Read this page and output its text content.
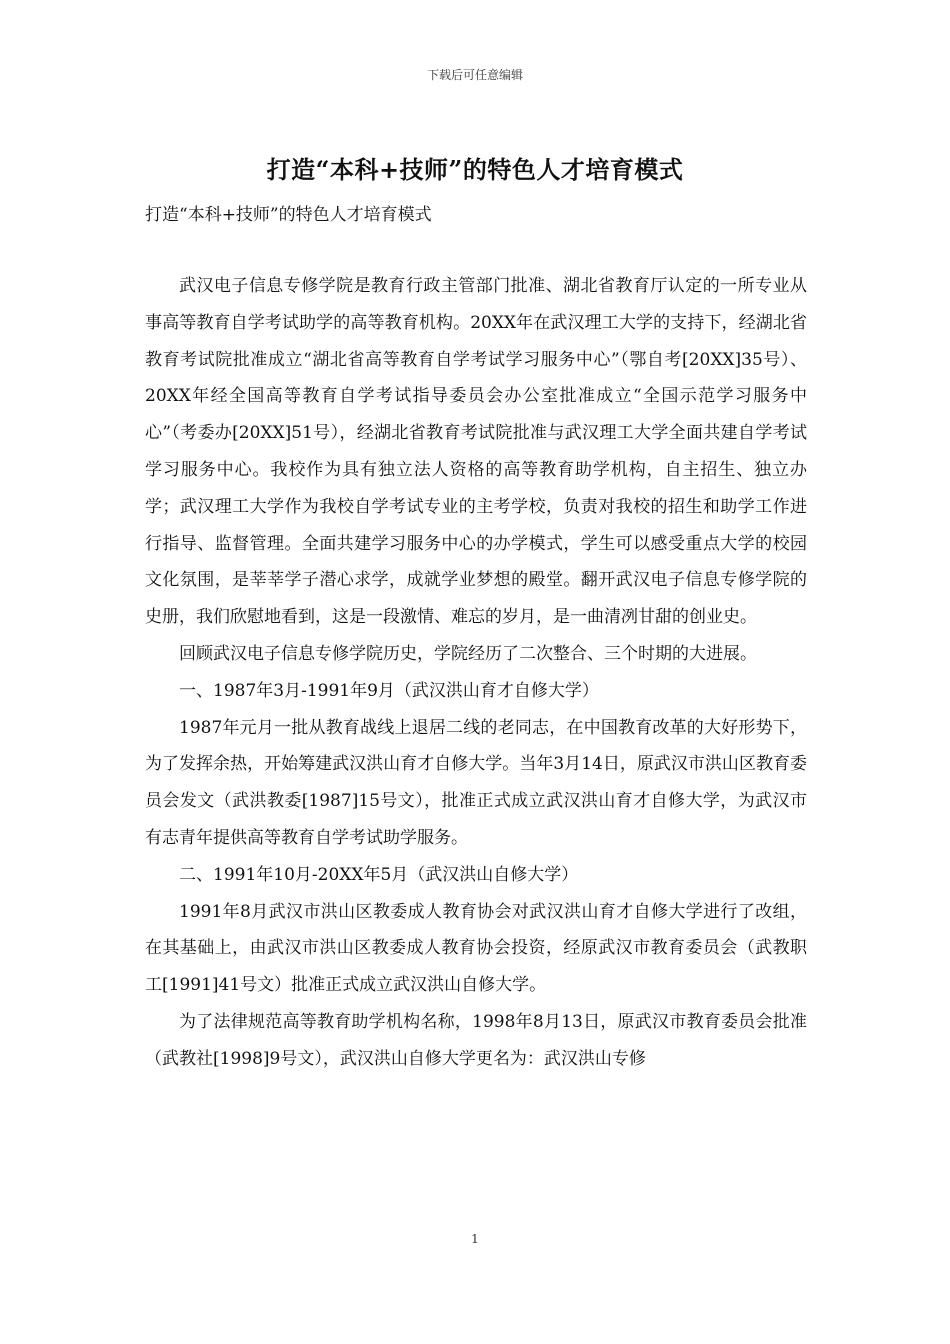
下载后可任意编辑
打造“本科+技师”的特色人才培育模式
打造“本科+技师”的特色人才培育模式

武汉电子信息专修学院是教育行政主管部门批准、湖北省教育厅认定的一所专业从事高等教育自学考试助学的高等教育机构。20XX年在武汉理工大学的支持下，经湖北省教育考试院批准成立“湖北省高等教育自学考试学习服务中心”（鄂自考[20XX]35号）、20XX年经全国高等教育自学考试指导委员会办公室批准成立“全国示范学习服务中心”（考委办[20XX]51号），经湖北省教育考试院批准与武汉理工大学全面共建自学考试学习服务中心。我校作为具有独立法人资格的高等教育助学机构，自主招生、独立办学；武汉理工大学作为我校自学考试专业的主考学校，负责对我校的招生和助学工作进行指导、监督管理。全面共建学习服务中心的办学模式，学生可以感受重点大学的校园文化氛围，是莘莘学子潜心求学，成就学业梦想的殿堂。翻开武汉电子信息专修学院的史册，我们欣慰地看到，这是一段激情、难忘的岁月，是一曲清冽甘甜的创业史。

回顾武汉电子信息专修学院历史，学院经历了二次整合、三个时期的大进展。

一、1987年3月-1991年9月（武汉洪山育才自修大学）

1987年元月一批从教育战线上退居二线的老同志，在中国教育改革的大好形势下，为了发挥余热，开始筹建武汉洪山育才自修大学。当年3月14日，原武汉市洪山区教育委员会发文（武洪教委[1987]15号文），批准正式成立武汉洪山育才自修大学，为武汉市有志青年提供高等教育自学考试助学服务。

二、1991年10月-20XX年5月（武汉洪山自修大学）

1991年8月武汉市洪山区教委成人教育协会对武汉洪山育才自修大学进行了改组，在其基础上，由武汉市洪山区教委成人教育协会投资，经原武汉市教育委员会（武教职工[1991]41号文）批准正式成立武汉洪山自修大学。

为了法律规范高等教育助学机构名称，1998年8月13日，原武汉市教育委员会批准（武教社[1998]9号文），武汉洪山自修大学更名为：武汉洪山专修

1
